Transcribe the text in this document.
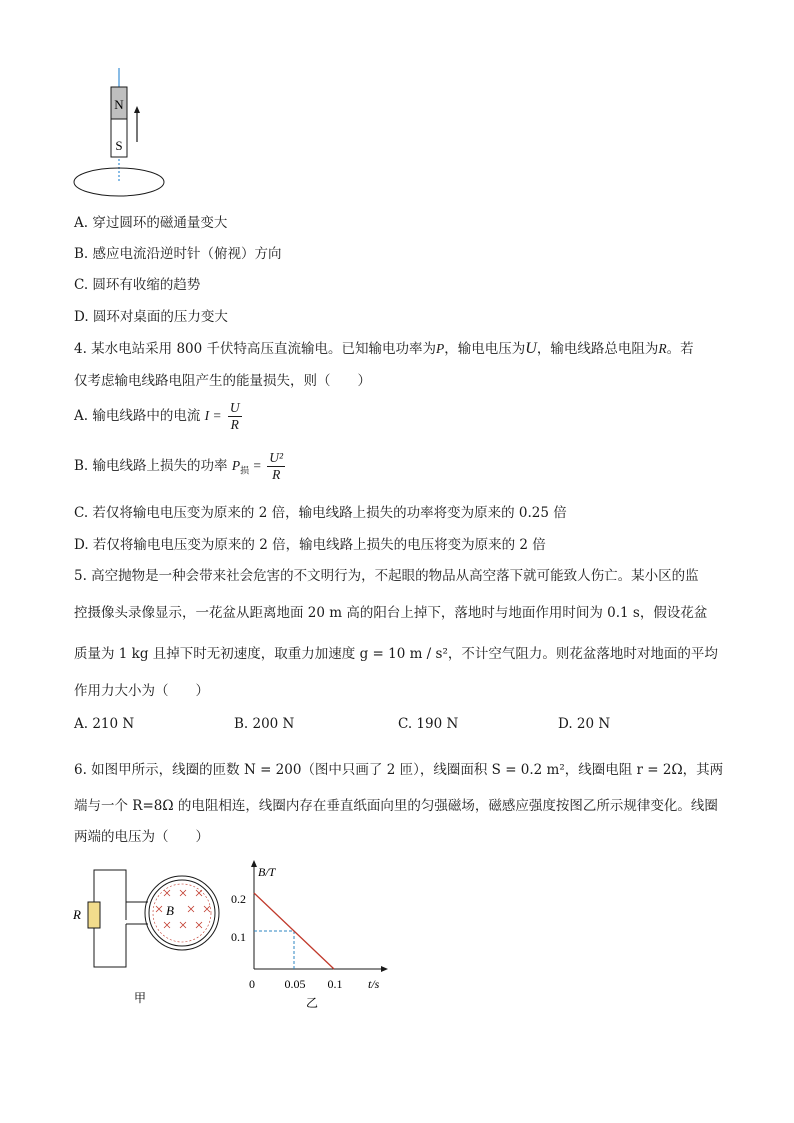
N
S
A. 穿过圆环的磁通量变大
B. 感应电流沿逆时针（俯视）方向
C. 圆环有收缩的趋势
D. 圆环对桌面的压力变大
4. 某水电站采用 800 千伏特高压直流输电。已知输电功率为P，输电电压为U，输电线路总电阻为R。若
仅考虑输电线路电阻产生的能量损失，则（　　）
A. 输电线路中的电流 $I = \frac{U}{R}$
B. 输电线路上损失的功率 $P_损 = \frac{\text{U²}}{R}$
C. 若仅将输电电压变为原来的 2 倍，输电线路上损失的功率将变为原来的 0.25 倍
D. 若仅将输电电压变为原来的 2 倍，输电线路上损失的电压将变为原来的 2 倍
5. 高空抛物是一种会带来社会危害的不文明行为，不起眼的物品从高空落下就可能致人伤亡。某小区的监
控摄像头录像显示，一花盆从距离地面 20 m 高的阳台上掉下，落地时与地面作用时间为 0.1 s，假设花盆
质量为 1 kg 且掉下时无初速度，取重力加速度 g = 10 m / s²，不计空气阻力。则花盆落地时对地面的平均
作用力大小为（　　）
A. 210 N	B. 200 N	C. 190 N	D. 20 N
6. 如图甲所示，线圈的匝数 N = 200（图中只画了 2 匝），线圈面积 S = 0.2 m²，线圈电阻 r = 2Ω，其两
端与一个 R=8Ω 的电阻相连，线圈内存在垂直纸面向里的匀强磁场，磁感应强度按图乙所示规律变化。线圈
两端的电压为（　　）
R	B
甲
B/T
t/s
0.1
0.2
0 0.05 0.1
乙
